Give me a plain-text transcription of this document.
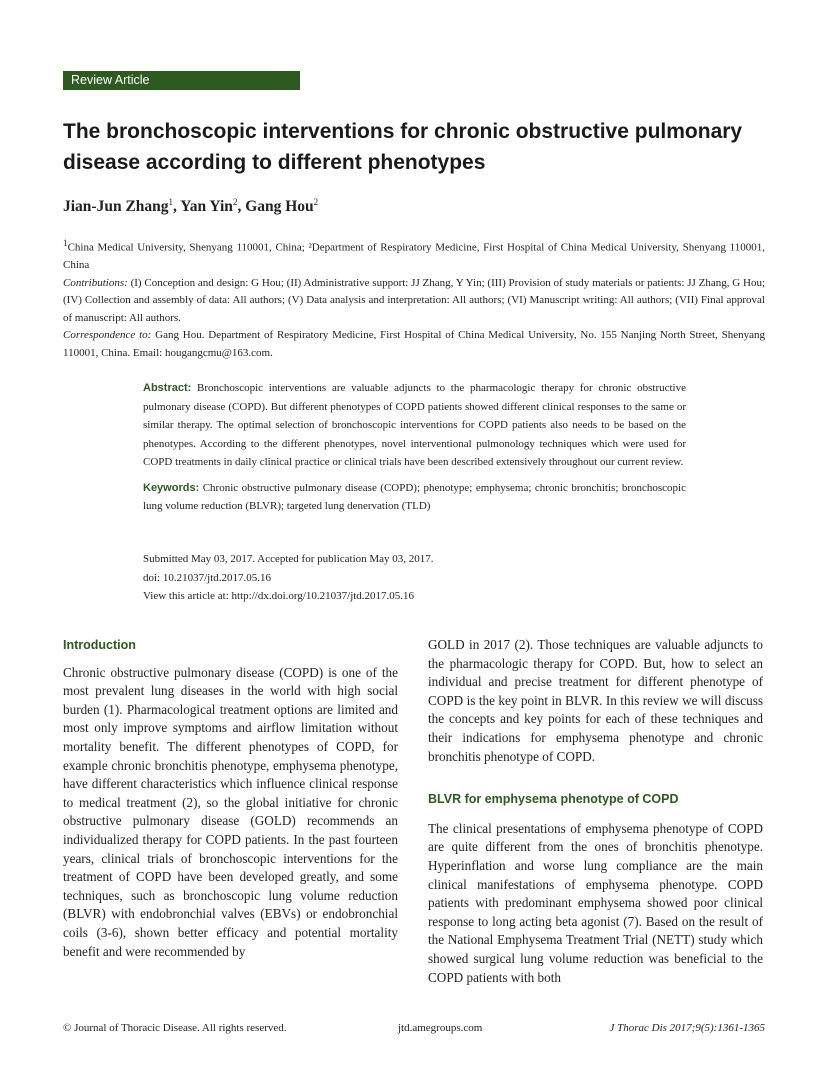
Review Article
The bronchoscopic interventions for chronic obstructive pulmonary disease according to different phenotypes
Jian-Jun Zhang$^1$, Yan Yin$^2$, Gang Hou$^2$
$^1$China Medical University, Shenyang 110001, China; ²Department of Respiratory Medicine, First Hospital of China Medical University, Shenyang 110001, China
Contributions: (I) Conception and design: G Hou; (II) Administrative support: JJ Zhang, Y Yin; (III) Provision of study materials or patients: JJ Zhang, G Hou; (IV) Collection and assembly of data: All authors; (V) Data analysis and interpretation: All authors; (VI) Manuscript writing: All authors; (VII) Final approval of manuscript: All authors.
Correspondence to: Gang Hou. Department of Respiratory Medicine, First Hospital of China Medical University, No. 155 Nanjing North Street, Shenyang 110001, China. Email: hougangcmu@163.com.

Abstract: Bronchoscopic interventions are valuable adjuncts to the pharmacologic therapy for chronic obstructive pulmonary disease (COPD). But different phenotypes of COPD patients showed different clinical responses to the same or similar therapy. The optimal selection of bronchoscopic interventions for COPD patients also needs to be based on the phenotypes. According to the different phenotypes, novel interventional pulmonology techniques which were used for COPD treatments in daily clinical practice or clinical trials have been described extensively throughout our current review.

Keywords: Chronic obstructive pulmonary disease (COPD); phenotype; emphysema; chronic bronchitis; bronchoscopic lung volume reduction (BLVR); targeted lung denervation (TLD)

Submitted May 03, 2017. Accepted for publication May 03, 2017.
doi: 10.21037/jtd.2017.05.16
View this article at: http://dx.doi.org/10.21037/jtd.2017.05.16
Introduction

Chronic obstructive pulmonary disease (COPD) is one of the most prevalent lung diseases in the world with high social burden (1). Pharmacological treatment options are limited and most only improve symptoms and airflow limitation without mortality benefit. The different phenotypes of COPD, for example chronic bronchitis phenotype, emphysema phenotype, have different characteristics which influence clinical response to medical treatment (2), so the global initiative for chronic obstructive pulmonary disease (GOLD) recommends an individualized therapy for COPD patients. In the past fourteen years, clinical trials of bronchoscopic interventions for the treatment of COPD have been developed greatly, and some techniques, such as bronchoscopic lung volume reduction (BLVR) with endobronchial valves (EBVs) or endobronchial coils (3-6), shown better efficacy and potential mortality benefit and were recommended by

GOLD in 2017 (2). Those techniques are valuable adjuncts to the pharmacologic therapy for COPD. But, how to select an individual and precise treatment for different phenotype of COPD is the key point in BLVR. In this review we will discuss the concepts and key points for each of these techniques and their indications for emphysema phenotype and chronic bronchitis phenotype of COPD.

BLVR for emphysema phenotype of COPD

The clinical presentations of emphysema phenotype of COPD are quite different from the ones of bronchitis phenotype. Hyperinflation and worse lung compliance are the main clinical manifestations of emphysema phenotype. COPD patients with predominant emphysema showed poor clinical response to long acting beta agonist (7). Based on the result of the National Emphysema Treatment Trial (NETT) study which showed surgical lung volume reduction was beneficial to the COPD patients with both

© Journal of Thoracic Disease. All rights reserved.	jtd.amegroups.com	J Thorac Dis 2017;9(5):1361-1365
